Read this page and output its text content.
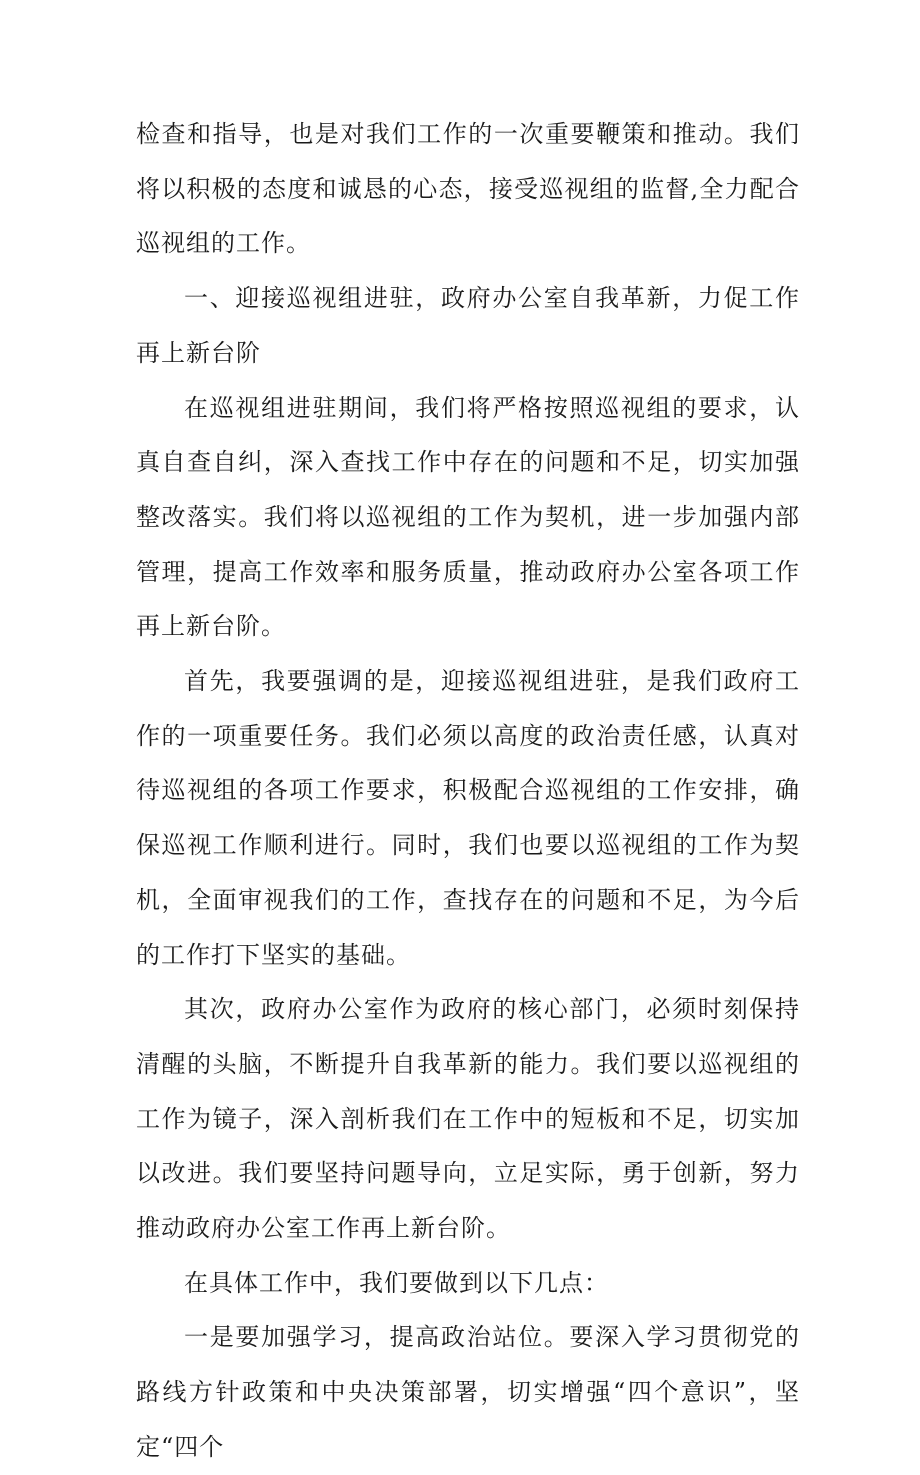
检查和指导，也是对我们工作的一次重要鞭策和推动。我们将以积极的态度和诚恳的心态，接受巡视组的监督,全力配合巡视组的工作。

一、迎接巡视组进驻，政府办公室自我革新，力促工作再上新台阶

在巡视组进驻期间，我们将严格按照巡视组的要求，认真自查自纠，深入查找工作中存在的问题和不足，切实加强整改落实。我们将以巡视组的工作为契机，进一步加强内部管理，提高工作效率和服务质量，推动政府办公室各项工作再上新台阶。

首先，我要强调的是，迎接巡视组进驻，是我们政府工作的一项重要任务。我们必须以高度的政治责任感，认真对待巡视组的各项工作要求，积极配合巡视组的工作安排，确保巡视工作顺利进行。同时，我们也要以巡视组的工作为契机，全面审视我们的工作，查找存在的问题和不足，为今后的工作打下坚实的基础。

其次，政府办公室作为政府的核心部门，必须时刻保持清醒的头脑，不断提升自我革新的能力。我们要以巡视组的工作为镜子，深入剖析我们在工作中的短板和不足，切实加以改进。我们要坚持问题导向，立足实际，勇于创新，努力推动政府办公室工作再上新台阶。

在具体工作中，我们要做到以下几点：

一是要加强学习，提高政治站位。要深入学习贯彻党的路线方针政策和中央决策部署，切实增强“四个意识”，坚定“四个
